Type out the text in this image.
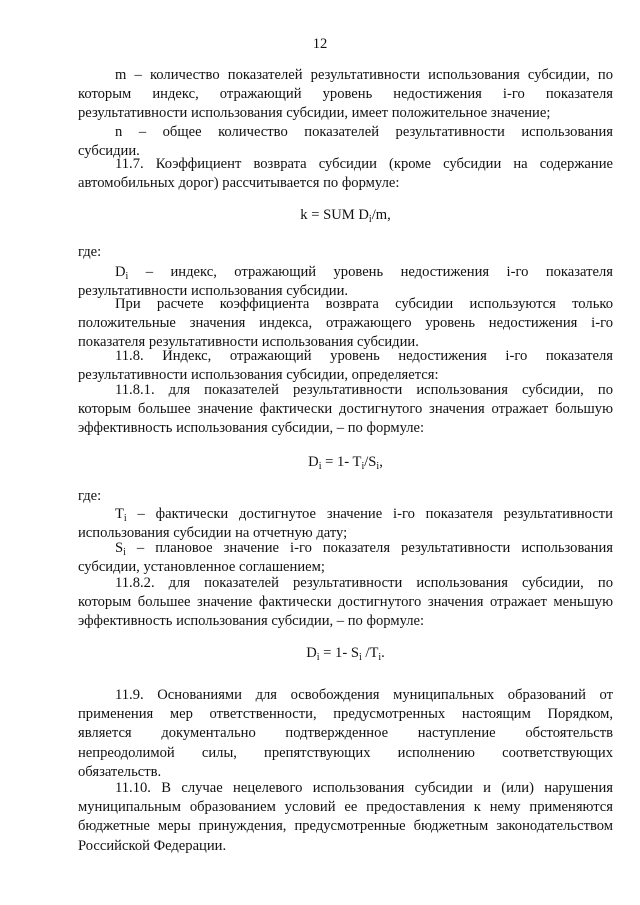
12
m – количество показателей результативности использования субсидии, по
которым индекс, отражающий уровень недостижения i-го показателя
результативности использования субсидии, имеет положительное значение;
n – общее количество показателей результативности использования
субсидии.
11.7. Коэффициент возврата субсидии (кроме субсидии на содержание
автомобильных дорог) рассчитывается по формуле:
k = SUM $D_i/m$,
где:
$D_i$ – индекс, отражающий уровень недостижения i-го показателя
результативности использования субсидии.
При расчете коэффициента возврата субсидии используются только
положительные значения индекса, отражающего уровень недостижения i-го
показателя результативности использования субсидии.
11.8. Индекс, отражающий уровень недостижения i-го показателя
результативности использования субсидии, определяется:
11.8.1. для показателей результативности использования субсидии, по
которым большее значение фактически достигнутого значения отражает большую
эффективность использования субсидии, – по формуле:
$D_i = 1-$ $T_i/S_i$,
где:
$T_i$ – фактически достигнутое значение i-го показателя результативности
использования субсидии на отчетную дату;
$S_i$ – плановое значение i-го показателя результативности использования
субсидии, установленное соглашением;
11.8.2. для показателей результативности использования субсидии, по
которым большее значение фактически достигнутого значения отражает меньшую
эффективность использования субсидии, – по формуле:
$D_i = 1-$ $S_i$ $/T_i$.
11.9. Основаниями для освобождения муниципальных образований от
применения мер ответственности, предусмотренных настоящим Порядком,
является документально подтвержденное наступление обстоятельств
непреодолимой силы, препятствующих исполнению соответствующих
обязательств.
11.10. В случае нецелевого использования субсидии и (или) нарушения
муниципальным образованием условий ее предоставления к нему применяются
бюджетные меры принуждения, предусмотренные бюджетным законодательством
Российской Федерации.
